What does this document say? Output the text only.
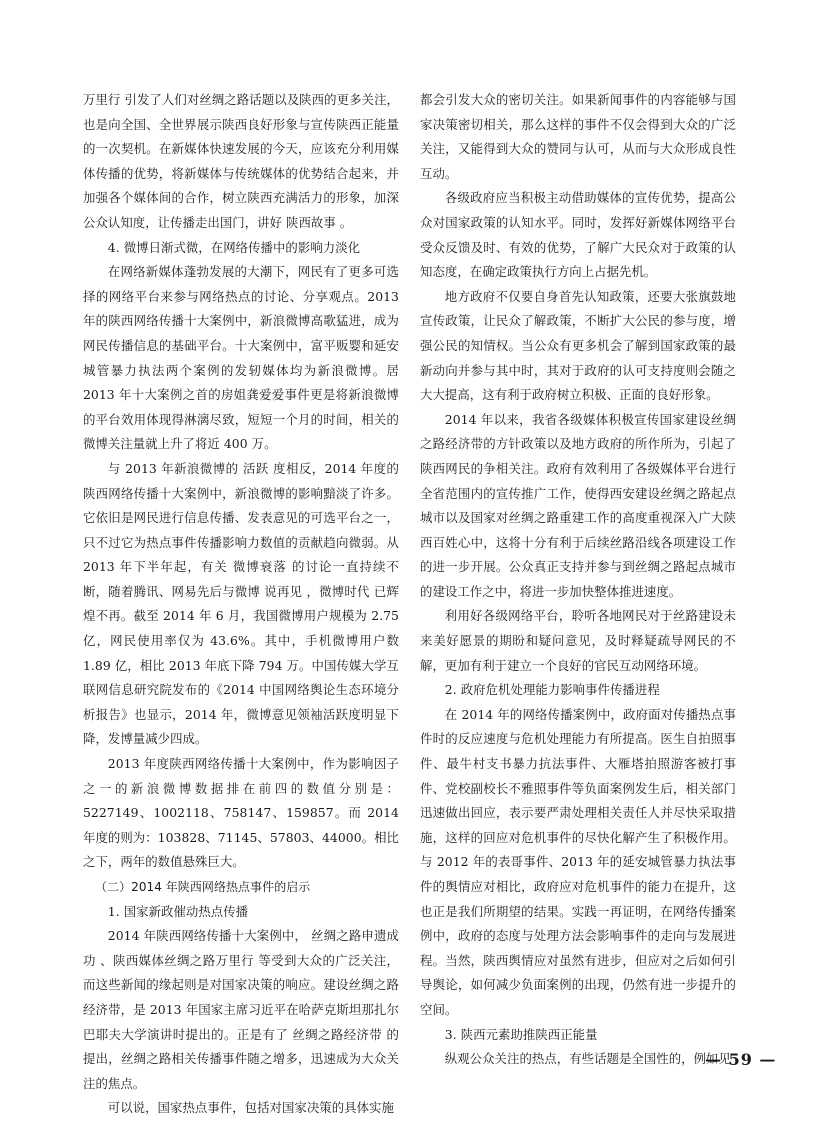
万里行 引发了人们对丝绸之路话题以及陕西的更多关注，也是向全国、全世界展示陕西良好形象与宣传陕西正能量的一次契机。在新媒体快速发展的今天，应该充分利用媒体传播的优势，将新媒体与传统媒体的优势结合起来，并加强各个媒体间的合作，树立陕西充满活力的形象，加深公众认知度，让传播走出国门，讲好 陕西故事 。

4. 微博日渐式微，在网络传播中的影响力淡化

在网络新媒体蓬勃发展的大潮下，网民有了更多可选择的网络平台来参与网络热点的讨论、分享观点。2013 年的陕西网络传播十大案例中，新浪微博高歌猛进，成为网民传播信息的基础平台。十大案例中，富平贩婴和延安城管暴力执法两个案例的发轫媒体均为新浪微博。居 2013 年十大案例之首的房姐龚爱爱事件更是将新浪微博的平台效用体现得淋漓尽致，短短一个月的时间，相关的微博关注量就上升了将近 400 万。

与 2013 年新浪微博的 活跃 度相反，2014 年度的陕西网络传播十大案例中，新浪微博的影响黯淡了许多。它依旧是网民进行信息传播、发表意见的可选平台之一，只不过它为热点事件传播影响力数值的贡献趋向微弱。从 2013 年下半年起，有关 微博衰落 的讨论一直持续不断，随着腾讯、网易先后与微博 说再见 ，微博时代 已辉煌不再。截至 2014 年 6 月，我国微博用户规模为 2.75 亿，网民使用率仅为 43.6%。其中，手机微博用户数 1.89 亿，相比 2013 年底下降 794 万。中国传媒大学互联网信息研究院发布的《2014 中国网络舆论生态环境分析报告》也显示，2014 年，微博意见领袖活跃度明显下降，发博量减少四成。

2013 年度陕西网络传播十大案例中，作为影响因子之一的新浪微博数据排在前四的数值分别是：5227149、1002118、758147、159857。而 2014 年度的则为：103828、71145、57803、44000。相比之下，两年的数值悬殊巨大。

（二）2014 年陕西网络热点事件的启示

1. 国家新政催动热点传播

2014 年陕西网络传播十大案例中， 丝绸之路申遗成功 、陕西媒体丝绸之路万里行 等受到大众的广泛关注，而这些新闻的缘起则是对国家决策的响应。建设丝绸之路经济带，是 2013 年国家主席习近平在哈萨克斯坦那扎尔巴耶夫大学演讲时提出的。正是有了 丝绸之路经济带 的提出，丝绸之路相关传播事件随之增多，迅速成为大众关注的焦点。

可以说，国家热点事件，包括对国家决策的具体实施

都会引发大众的密切关注。如果新闻事件的内容能够与国家决策密切相关，那么这样的事件不仅会得到大众的广泛关注，又能得到大众的赞同与认可，从而与大众形成良性互动。

各级政府应当积极主动借助媒体的宣传优势，提高公众对国家政策的认知水平。同时，发挥好新媒体网络平台受众反馈及时、有效的优势，了解广大民众对于政策的认知态度，在确定政策执行方向上占据先机。

地方政府不仅要自身首先认知政策，还要大张旗鼓地宣传政策，让民众了解政策，不断扩大公民的参与度，增强公民的知情权。当公众有更多机会了解到国家政策的最新动向并参与其中时，其对于政府的认可支持度则会随之大大提高，这有利于政府树立积极、正面的良好形象。

2014 年以来，我省各级媒体积极宣传国家建设丝绸之路经济带的方针政策以及地方政府的所作所为，引起了陕西网民的争相关注。政府有效利用了各级媒体平台进行全省范围内的宣传推广工作，使得西安建设丝绸之路起点城市以及国家对丝绸之路重建工作的高度重视深入广大陕西百姓心中，这将十分有利于后续丝路沿线各项建设工作的进一步开展。公众真正支持并参与到丝绸之路起点城市的建设工作之中，将进一步加快整体推进速度。

利用好各级网络平台，聆听各地网民对于丝路建设未来美好愿景的期盼和疑问意见，及时释疑疏导网民的不解，更加有利于建立一个良好的官民互动网络环境。

2. 政府危机处理能力影响事件传播进程

在 2014 年的网络传播案例中，政府面对传播热点事件时的反应速度与危机处理能力有所提高。医生自拍照事件、最牛村支书暴力抗法事件、大雁塔拍照游客被打事件、党校副校长不雅照事件等负面案例发生后，相关部门迅速做出回应，表示要严肃处理相关责任人并尽快采取措施，这样的回应对危机事件的尽快化解产生了积极作用。与 2012 年的表哥事件、2013 年的延安城管暴力执法事件的舆情应对相比，政府应对危机事件的能力在提升，这也正是我们所期望的结果。实践一再证明，在网络传播案例中，政府的态度与处理方法会影响事件的走向与发展进程。当然，陕西舆情应对虽然有进步，但应对之后如何引导舆论，如何减少负面案例的出现，仍然有进一步提升的空间。

3. 陕西元素助推陕西正能量

纵观公众关注的热点，有些话题是全国性的，例如见

— 59 —
